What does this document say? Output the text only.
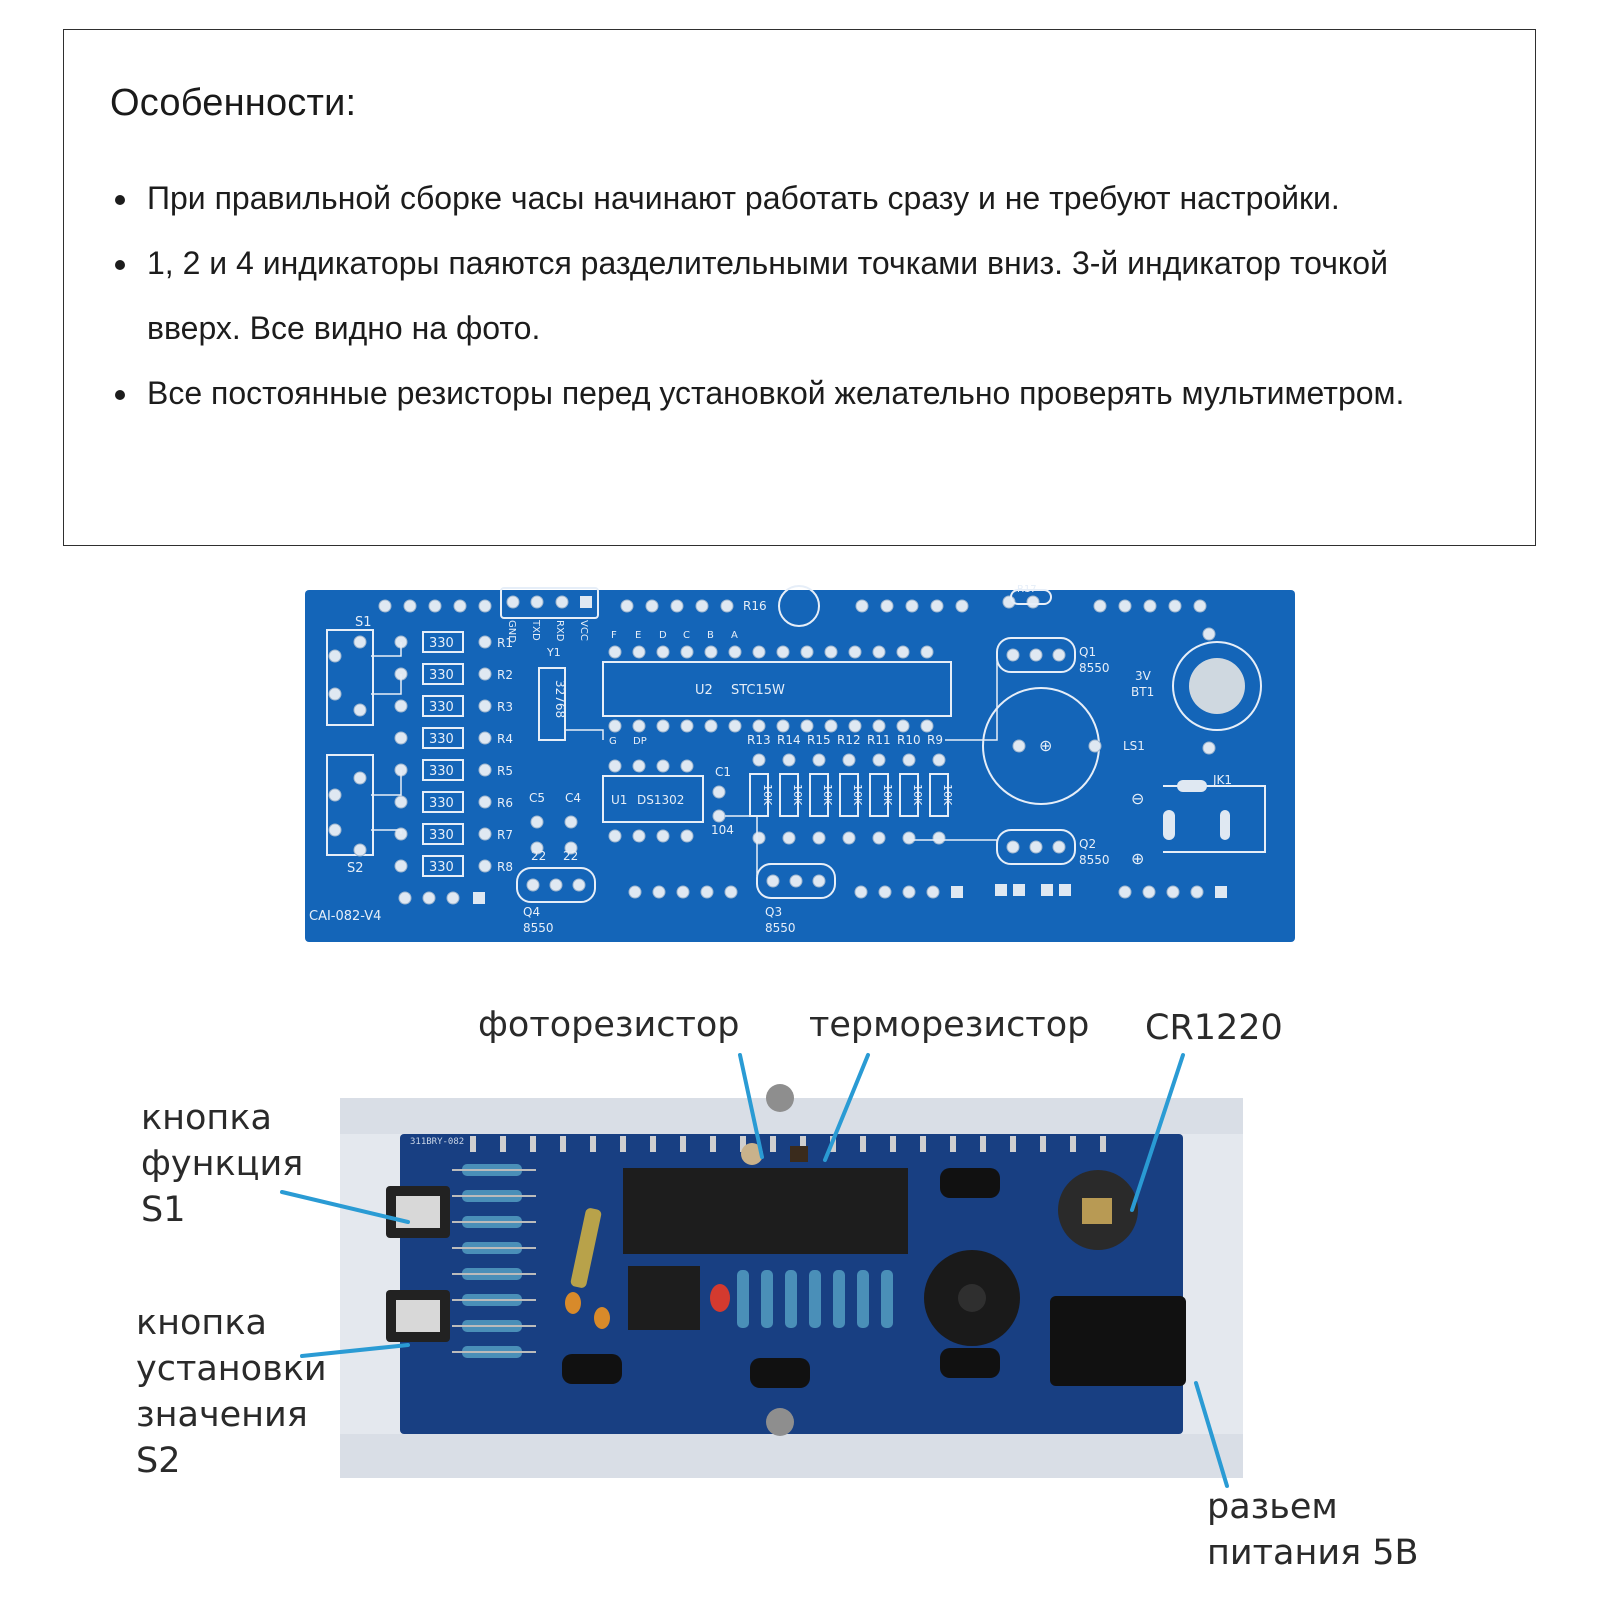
Особенности:
При правильной сборке часы начинают работать сразу и не требуют настройки.
1, 2 и 4 индикаторы паяются разделительными точками вниз. 3-й индикатор точкой вверх. Все видно на фото.
Все постоянные резисторы перед установкой желательно проверять мультиметром.
GND TXD RXD VCC
R16
R17
S1
S2
330	R1
330	R2
330	R3
330	R4
330	R5
330	R6
330	R7
330	R8
32768
Y1
U2 STC15W
F E D C B A
G DP
U1 DS1302
C5
22
C4
22
C1
104
R13
10K
R14
10K
R15
10K
R12
10K
R11
10K
R10
10K
R9
10K
Q1
8550
Q2
8550
Q3
8550
Q4
8550
⊕	LS1
3V
BT1
JK1
⊖
⊕
CAI-082-V4
311BRY-082
фоторезистор терморезистор CR1220
кнопка
функция
S1
кнопка
установки
значения
S2
разьем
питания 5В
